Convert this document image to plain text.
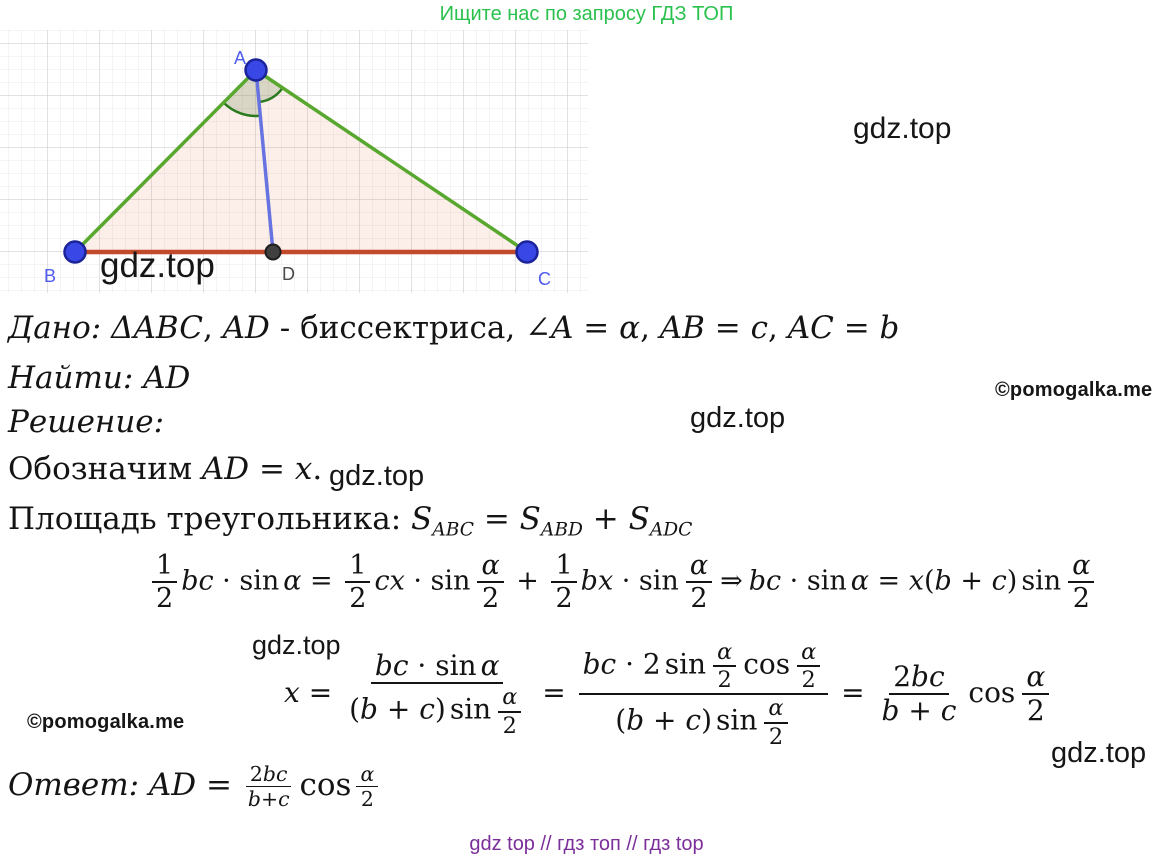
Ищите нас по запросу ГДЗ ТОП
A
B	C
D
gdz.top
gdz.top
©pomogalka.me
gdz.top
gdz.top
gdz.top
©pomogalka.me
gdz.top
Дано: ΔABC, AD - биссектриса, ∠A = α, AB = c, AC = b
Найти: AD
Решение:
Обозначим AD = x.
Площадь треугольника: $S_{ABC} = S_{ABD} + S_{ADC}$
$\frac{1}{2}$ bc · $\sin \alpha = \frac{1}{2}$ cx · $\sin \frac{\alpha}{2} + \frac{1}{2}$ bx · $\sin \frac{\alpha}{2}$ ⇒ bc · sin α = x(b + c) $\sin \frac{\alpha}{2}$
$x = \frac{\text{bc · sin α}}{(b + c) \sin \frac{\alpha}{2}} = \frac{bc \cdot 2 \sin \frac{\alpha}{2} \cos \frac{\alpha}{2}}{(b + c) \sin \frac{\alpha}{2}} = \frac{2bc}{b + c}$ $\cos \frac{\alpha}{2}$
Ответ: AD = $\frac{2bc}{b+c}$ $\cos \frac{\alpha}{2}$
gdz top // гдз топ // гдз top
